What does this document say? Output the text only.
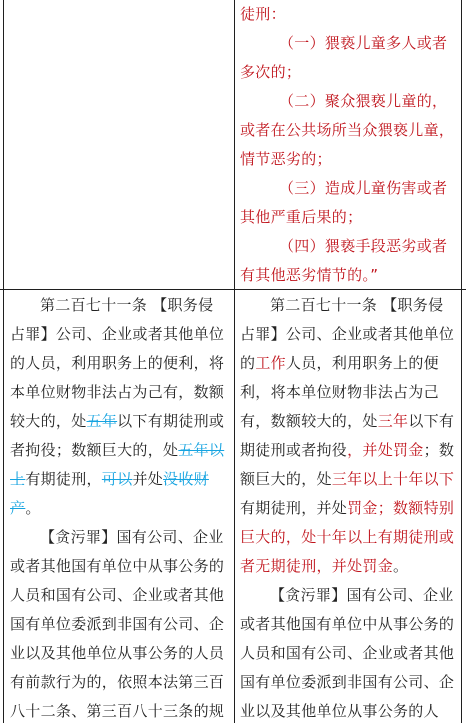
徒刑：

（一）猥亵儿童多人或者多次的；

（二）聚众猥亵儿童的，或者在公共场所当众猥亵儿童，情节恶劣的；

（三）造成儿童伤害或者其他严重后果的；

（四）猥亵手段恶劣或者有其他恶劣情节的。”

第二百七十一条 【职务侵占罪】公司、企业或者其他单位的人员，利用职务上的便利，将本单位财物非法占为己有，数额较大的，处五年以下有期徒刑或者拘役；数额巨大的，处五年以上有期徒刑，可以并处没收财产。

【贪污罪】国有公司、企业或者其他国有单位中从事公务的人员和国有公司、企业或者其他国有单位委派到非国有公司、企业以及其他单位从事公务的人员有前款行为的，依照本法第三百八十二条、第三百八十三条的规

第二百七十一条 【职务侵占罪】公司、企业或者其他单位的工作人员，利用职务上的便利，将本单位财物非法占为己有，数额较大的，处三年以下有期徒刑或者拘役，并处罚金；数额巨大的，处三年以上十年以下有期徒刑，并处罚金；数额特别巨大的，处十年以上有期徒刑或者无期徒刑，并处罚金。

【贪污罪】国有公司、企业或者其他国有单位中从事公务的人员和国有公司、企业或者其他国有单位委派到非国有公司、企业以及其他单位从事公务的人
